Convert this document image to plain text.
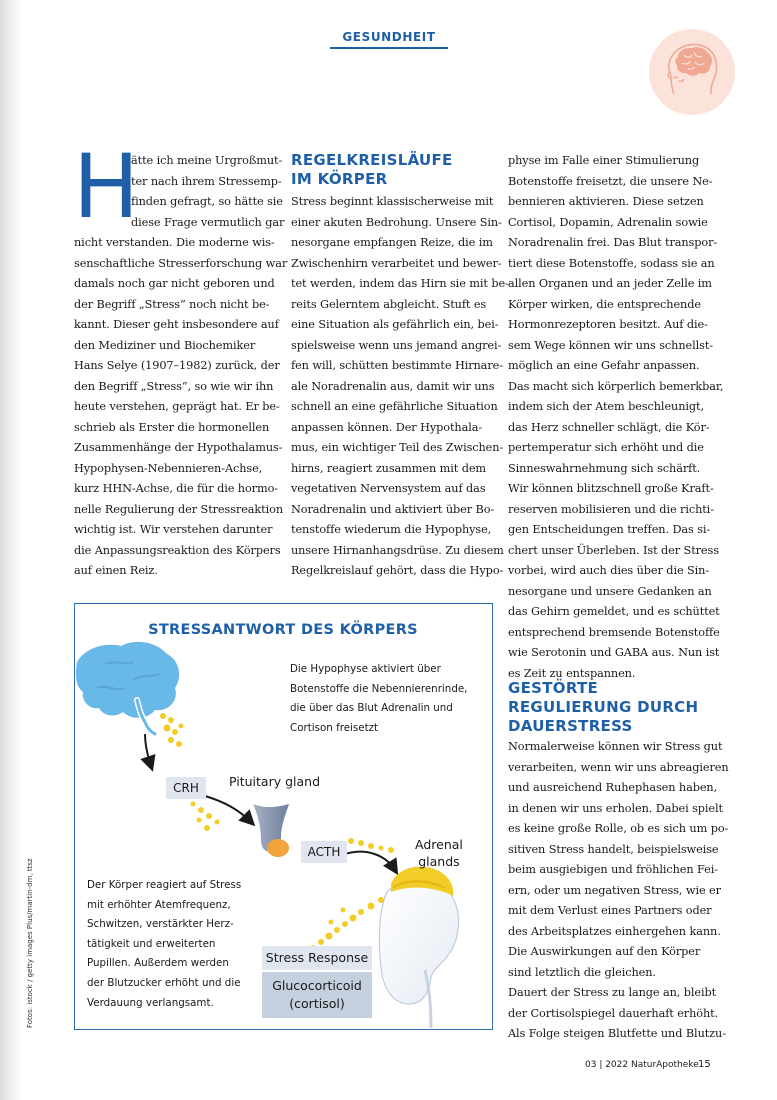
GESUNDHEIT
H

ätte ich meine Urgroßmut-

ter nach ihrem Stressemp-

finden gefragt, so hätte sie

diese Frage vermutlich gar

nicht verstanden. Die moderne wis-

senschaftliche Stresserforschung war

damals noch gar nicht geboren und

der Begriff „Stress“ noch nicht be-

kannt. Dieser geht insbesondere auf

den Mediziner und Biochemiker

Hans Selye (1907–1982) zurück, der

den Begriff „Stress“, so wie wir ihn

heute verstehen, geprägt hat. Er be-

schrieb als Erster die hormonellen

Zusammenhänge der Hypothalamus-

Hypophysen-Nebennieren-Achse,

kurz HHN-Achse, die für die hormo-

nelle Regulierung der Stressreaktion

wichtig ist. Wir verstehen darunter

die Anpassungsreaktion des Körpers

auf einen Reiz.

REGELKREISLÄUFE
IM KÖRPER

Stress beginnt klassischerweise mit

einer akuten Bedrohung. Unsere Sin-

nesorgane empfangen Reize, die im

Zwischenhirn verarbeitet und bewer-

tet werden, indem das Hirn sie mit be-

reits Gelerntem abgleicht. Stuft es

eine Situation als gefährlich ein, bei-

spielsweise wenn uns jemand angrei-

fen will, schütten bestimmte Hirnare-

ale Noradrenalin aus, damit wir uns

schnell an eine gefährliche Situation

anpassen können. Der Hypothala-

mus, ein wichtiger Teil des Zwischen-

hirns, reagiert zusammen mit dem

vegetativen Nervensystem auf das

Noradrenalin und aktiviert über Bo-

tenstoffe wiederum die Hypophyse,

unsere Hirnanhangsdrüse. Zu diesem

Regelkreislauf gehört, dass die Hypo-

physe im Falle einer Stimulierung

Botenstoffe freisetzt, die unsere Ne-

bennieren aktivieren. Diese setzen

Cortisol, Dopamin, Adrenalin sowie

Noradrenalin frei. Das Blut transpor-

tiert diese Botenstoffe, sodass sie an

allen Organen und an jeder Zelle im

Körper wirken, die entsprechende

Hormonrezeptoren besitzt. Auf die-

sem Wege können wir uns schnellst-

möglich an eine Gefahr anpassen.

Das macht sich körperlich bemerkbar,

indem sich der Atem beschleunigt,

das Herz schneller schlägt, die Kör-

pertemperatur sich erhöht und die

Sinneswahrnehmung sich schärft.

Wir können blitzschnell große Kraft-

reserven mobilisieren und die richti-

gen Entscheidungen treffen. Das si-

chert unser Überleben. Ist der Stress

vorbei, wird auch dies über die Sin-

nesorgane und unsere Gedanken an

das Gehirn gemeldet, und es schüttet

entsprechend bremsende Botenstoffe

wie Serotonin und GABA aus. Nun ist

es Zeit zu entspannen.

GESTÖRTE
REGULIERUNG DURCH
DAUERSTRESS

Normalerweise können wir Stress gut

verarbeiten, wenn wir uns abreagieren

und ausreichend Ruhephasen haben,

in denen wir uns erholen. Dabei spielt

es keine große Rolle, ob es sich um po-

sitiven Stress handelt, beispielsweise

beim ausgiebigen und fröhlichen Fei-

ern, oder um negativen Stress, wie er

mit dem Verlust eines Partners oder

des Arbeitsplatzes einhergehen kann.

Die Auswirkungen auf den Körper

sind letztlich die gleichen.

Dauert der Stress zu lange an, bleibt

der Cortisolspiegel dauerhaft erhöht.

Als Folge steigen Blutfette und Blutzu-

STRESSANTWORT DES KÖRPERS
Die Hypophyse aktiviert über
Botenstoffe die Nebennierenrinde,
die über das Blut Adrenalin und
Cortison freisetzt
Der Körper reagiert auf Stress
mit erhöhter Atemfrequenz,
Schwitzen, verstärkter Herz-
tätigkeit und erweiterten
Pupillen. Außerdem werden
der Blutzucker erhöht und die
Verdauung verlangsamt.
CRH	Pituitary gland
ACTH	Adrenal
glands
Stress Response
Glucocorticoid
(cortisol)
Fotos: istock / getty images Plus/martin-dm, ttsz
03 | 2022 NaturApotheke 15
